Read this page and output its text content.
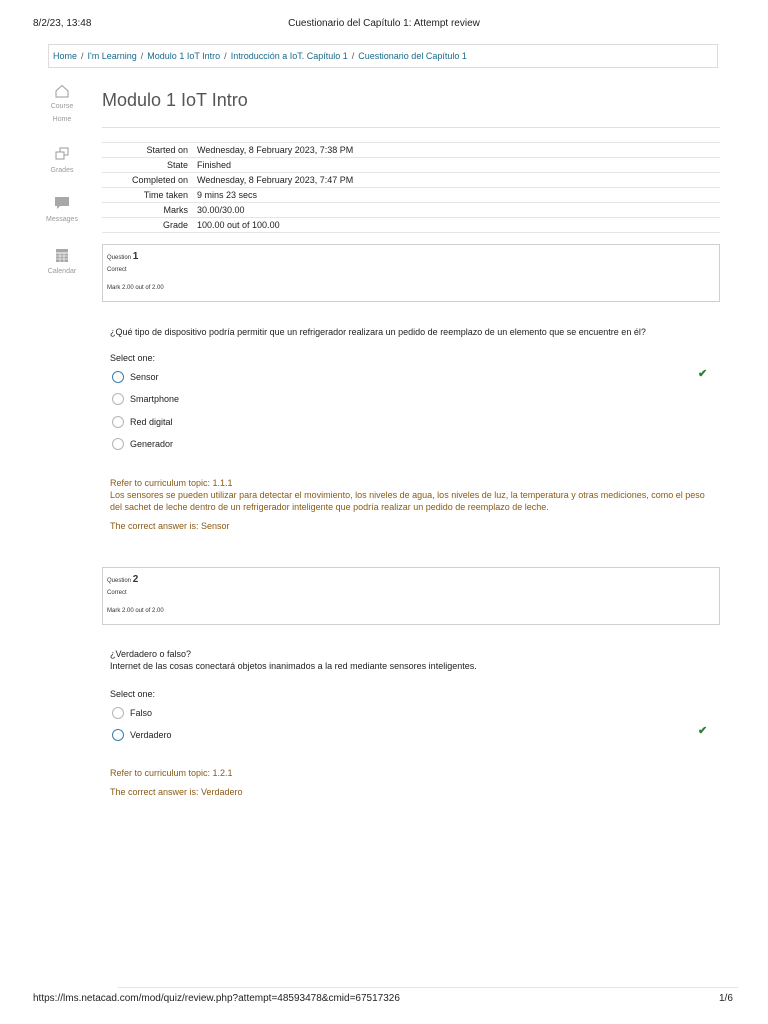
8/2/23, 13:48	Cuestionario del Capítulo 1: Attempt review
Home / I'm Learning / Modulo 1 IoT Intro / Introducción a IoT. Capítulo 1 / Cuestionario del Capítulo 1
Course Home
Grades
Messages
Calendar
Modulo 1 IoT Intro
Started on	Wednesday, 8 February 2023, 7:38 PM
State	Finished
Completed on	Wednesday, 8 February 2023, 7:47 PM
Time taken	9 mins 23 secs
Marks	30.00/30.00
Grade	100.00 out of 100.00
Question 1
Correct
Mark 2.00 out of 2.00
¿Qué tipo de dispositivo podría permitir que un refrigerador realizara un pedido de reemplazo de un elemento que se encuentre en él?
Select one:
Sensor	✔
Smartphone
Red digital
Generador
Refer to curriculum topic: 1.1.1
Los sensores se pueden utilizar para detectar el movimiento, los niveles de agua, los niveles de luz, la temperatura y otras mediciones, como el peso
del sachet de leche dentro de un refrigerador inteligente que podría realizar un pedido de reemplazo de leche.
The correct answer is: Sensor
Question 2
Correct
Mark 2.00 out of 2.00
¿Verdadero o falso?
Internet de las cosas conectará objetos inanimados a la red mediante sensores inteligentes.
Select one:
Falso
Verdadero	✔
Refer to curriculum topic: 1.2.1
The correct answer is: Verdadero
https://lms.netacad.com/mod/quiz/review.php?attempt=48593478&cmid=67517326	1/6
